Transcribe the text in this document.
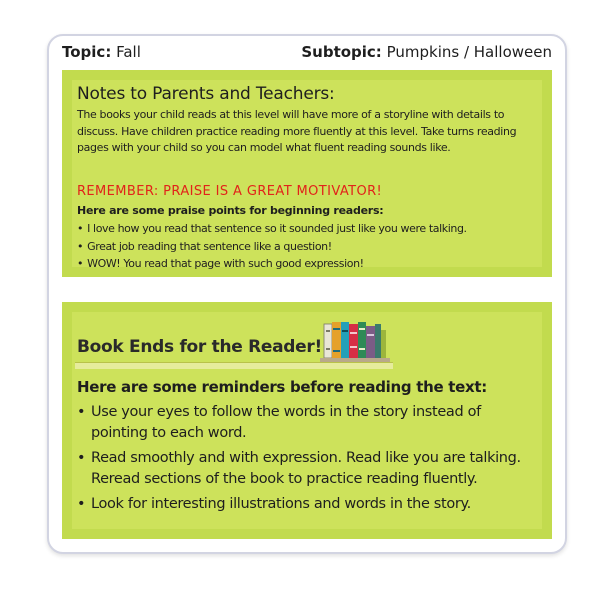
Topic: Fall	Subtopic: Pumpkins / Halloween
Notes to Parents and Teachers:
The books your child reads at this level will have more of a storyline with details to discuss. Have children practice reading more fluently at this level. Take turns reading pages with your child so you can model what fluent reading sounds like.
REMEMBER: PRAISE IS A GREAT MOTIVATOR!
Here are some praise points for beginning readers:
• I love how you read that sentence so it sounded just like you were talking.
• Great job reading that sentence like a question!
• WOW! You read that page with such good expression!
Book Ends for the Reader!
Here are some reminders before reading the text:
• Use your eyes to follow the words in the story instead of pointing to each word.
• Read smoothly and with expression. Read like you are talking. Reread sections of the book to practice reading fluently.
• Look for interesting illustrations and words in the story.
